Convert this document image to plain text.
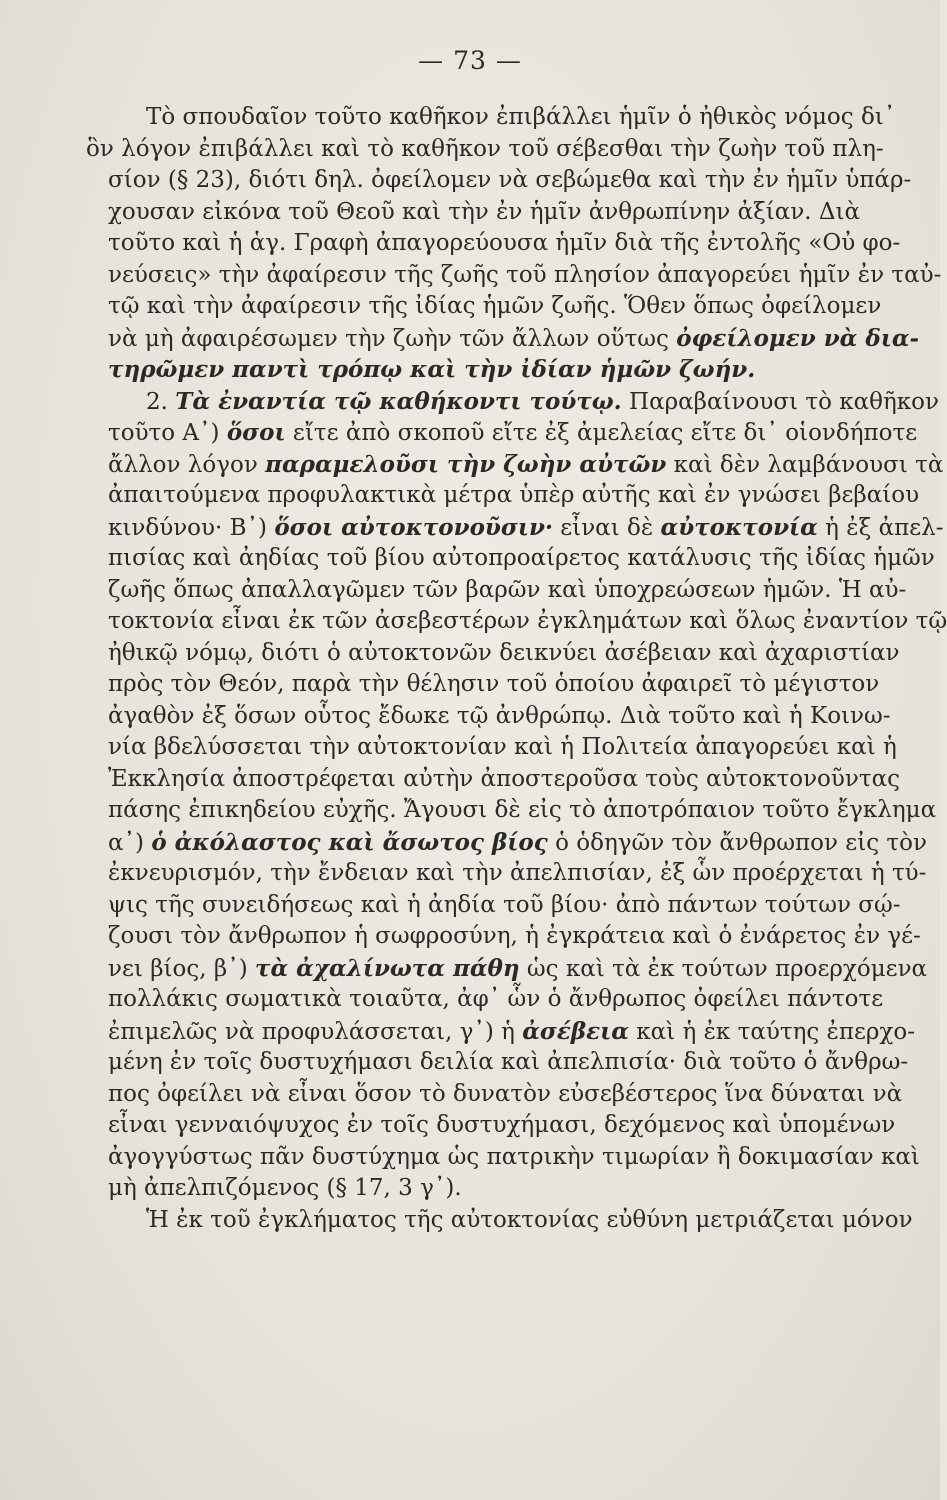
— 73 —
Τὸ σπουδαῖον τοῦτο καθῆκον ἐπιβάλλει ἡμῖν ὁ ἠθικὸς νόμος δι᾽
ὃν λόγον ἐπιβάλλει καὶ τὸ καθῆκον τοῦ σέβεσθαι τὴν ζωὴν τοῦ πλη-
σίον (§ 23), διότι δηλ. ὀφείλομεν νὰ σεβώμεθα καὶ τὴν ἐν ἡμῖν ὑπάρ-
χουσαν εἰκόνα τοῦ Θεοῦ καὶ τὴν ἐν ἡμῖν ἀνθρωπίνην ἀξίαν. Διὰ
τοῦτο καὶ ἡ ἁγ. Γραφὴ ἀπαγορεύουσα ἡμῖν διὰ τῆς ἐντολῆς «Οὐ φο-
νεύσεις» τὴν ἀφαίρεσιν τῆς ζωῆς τοῦ πλησίον ἀπαγορεύει ἡμῖν ἐν ταὐ-
τῷ καὶ τὴν ἀφαίρεσιν τῆς ἰδίας ἡμῶν ζωῆς. Ὅθεν ὅπως ὀφείλομεν
νὰ μὴ ἀφαιρέσωμεν τὴν ζωὴν τῶν ἄλλων οὕτως ὀφείλομεν νὰ δια-
τηρῶμεν παντὶ τρόπῳ καὶ τὴν ἰδίαν ἡμῶν ζωήν.
2. Τὰ ἐναντία τῷ καθήκοντι τούτῳ. Παραβαίνουσι τὸ καθῆκον
τοῦτο Α᾽) ὅσοι εἴτε ἀπὸ σκοποῦ εἴτε ἐξ ἀμελείας εἴτε δι᾽ οἱονδήποτε
ἄλλον λόγον παραμελοῦσι τὴν ζωὴν αὐτῶν καὶ δὲν λαμβάνουσι τὰ
ἀπαιτούμενα προφυλακτικὰ μέτρα ὑπὲρ αὐτῆς καὶ ἐν γνώσει βεβαίου
κινδύνου· Β᾽) ὅσοι αὐτοκτονοῦσιν· εἶναι δὲ αὐτοκτονία ἡ ἐξ ἀπελ-
πισίας καὶ ἀηδίας τοῦ βίου αὐτοπροαίρετος κατάλυσις τῆς ἰδίας ἡμῶν
ζωῆς ὅπως ἀπαλλαγῶμεν τῶν βαρῶν καὶ ὑποχρεώσεων ἡμῶν. Ἡ αὐ-
τοκτονία εἶναι ἐκ τῶν ἀσεβεστέρων ἐγκλημάτων καὶ ὅλως ἐναντίον τῷ
ἠθικῷ νόμῳ, διότι ὁ αὐτοκτονῶν δεικνύει ἀσέβειαν καὶ ἀχαριστίαν
πρὸς τὸν Θεόν, παρὰ τὴν θέλησιν τοῦ ὁποίου ἀφαιρεῖ τὸ μέγιστον
ἀγαθὸν ἐξ ὅσων οὗτος ἔδωκε τῷ ἀνθρώπῳ. Διὰ τοῦτο καὶ ἡ Κοινω-
νία βδελύσσεται τὴν αὐτοκτονίαν καὶ ἡ Πολιτεία ἀπαγορεύει καὶ ἡ
Ἐκκλησία ἀποστρέφεται αὐτὴν ἀποστεροῦσα τοὺς αὐτοκτονοῦντας
πάσης ἐπικηδείου εὐχῆς. Ἄγουσι δὲ εἰς τὸ ἀποτρόπαιον τοῦτο ἔγκλημα
α᾽) ὁ ἀκόλαστος καὶ ἄσωτος βίος ὁ ὁδηγῶν τὸν ἄνθρωπον εἰς τὸν
ἐκνευρισμόν, τὴν ἔνδειαν καὶ τὴν ἀπελπισίαν, ἐξ ὧν προέρχεται ἡ τύ-
ψις τῆς συνειδήσεως καὶ ἡ ἀηδία τοῦ βίου· ἀπὸ πάντων τούτων σῴ-
ζουσι τὸν ἄνθρωπον ἡ σωφροσύνη, ἡ ἐγκράτεια καὶ ὁ ἐνάρετος ἐν γέ-
νει βίος, β᾽) τὰ ἀχαλίνωτα πάθη ὡς καὶ τὰ ἐκ τούτων προερχόμενα
πολλάκις σωματικὰ τοιαῦτα, ἀφ᾽ ὧν ὁ ἄνθρωπος ὀφείλει πάντοτε
ἐπιμελῶς νὰ προφυλάσσεται, γ᾽) ἡ ἀσέβεια καὶ ἡ ἐκ ταύτης ἐπερχο-
μένη ἐν τοῖς δυστυχήμασι δειλία καὶ ἀπελπισία· διὰ τοῦτο ὁ ἄνθρω-
πος ὀφείλει νὰ εἶναι ὅσον τὸ δυνατὸν εὐσεβέστερος ἵνα δύναται νὰ
εἶναι γενναιόψυχος ἐν τοῖς δυστυχήμασι, δεχόμενος καὶ ὑπομένων
ἀγογγύστως πᾶν δυστύχημα ὡς πατρικὴν τιμωρίαν ἢ δοκιμασίαν καὶ
μὴ ἀπελπιζόμενος (§ 17, 3 γ᾽).
Ἡ ἐκ τοῦ ἐγκλήματος τῆς αὐτοκτονίας εὐθύνη μετριάζεται μόνον
